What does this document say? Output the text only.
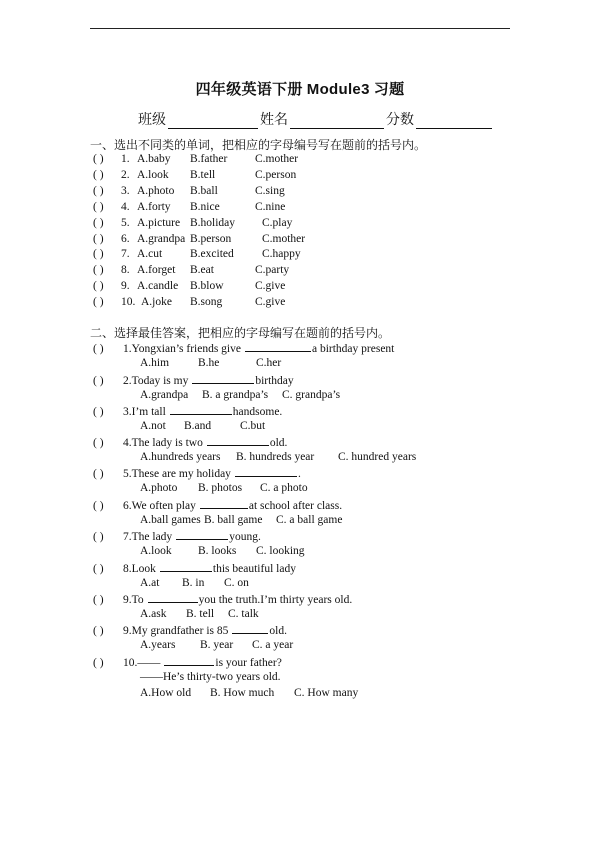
四年级英语下册 Module3 习题
班级	姓名	分数
一、选出不同类的单词，把相应的字母编号写在题前的括号内。
( ) 1. A.baby B.father C.mother
( ) 2. A.look B.tell	C.person
( ) 3. A.photo B.ball	C.sing
( ) 4. A.forty B.nice	C.nine
( ) 5. A.picture B.holiday C.play
( ) 6. A.grandpa B.person	C.mother
( ) 7. A.cut B.excited C.happy
( ) 8. A.forget B.eat	C.party
( ) 9. A.candle B.blow	C.give
( ) 10. A.joke B.song	C.give
二、选择最佳答案，把相应的字母编写在题前的括号内。
( ) 1.Yongxian’s friends give	a birthday present
A.him	B.he	C.her
( ) 2.Today is my	birthday
A.grandpa B. a grandpa’s C. grandpa’s
( ) 3.I’m tall	handsome.
A.not B.and	C.but
( ) 4.The lady is two	old.
A.hundreds years B. hundreds year C. hundred years
( ) 5.These are my holiday	.
A.photo B. photos C. a photo
( ) 6.We often play	at school after class.
A.ball games B. ball game C. a ball game
( ) 7.The lady	young.
A.look B. looks C. looking
( ) 8.Look	this beautiful lady
A.at B. in C. on
( ) 9.To	you the truth.I’m thirty years old.
A.ask B. tell C. talk
( ) 9.My grandfather is 85	old.
A.years B. year C. a year
( ) 10.——	is your father?
——He’s thirty-two years old.
A.How old B. How much C. How many
